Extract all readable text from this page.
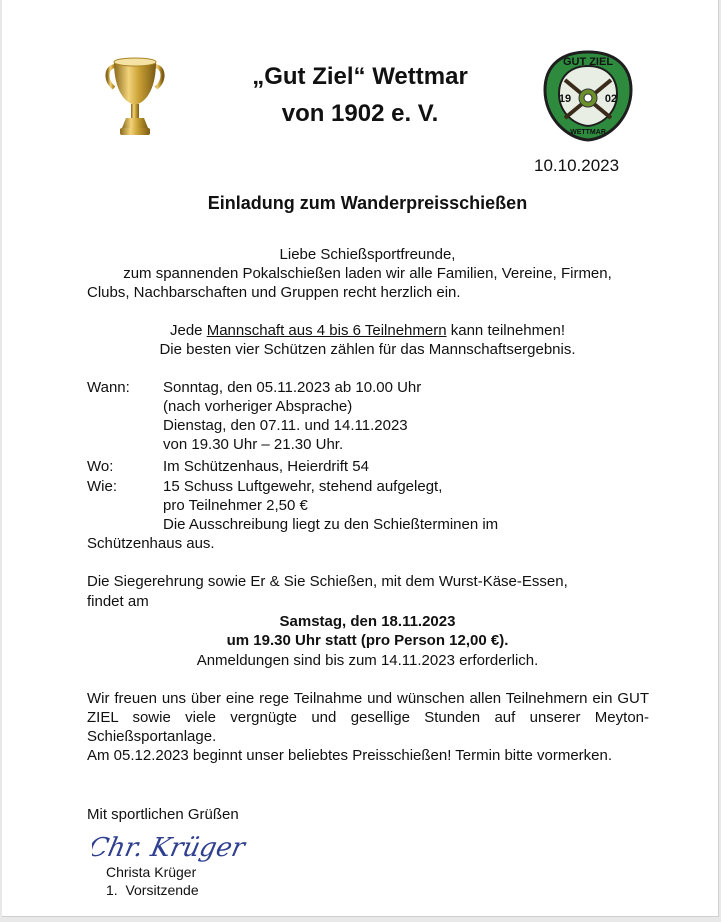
„Gut Ziel“ Wettmar
von 1902 e. V.
GUT ZIEL
19	02
WETTMAR
10.10.2023
Einladung zum Wanderpreisschießen
Liebe Schießsportfreunde,
zum spannenden Pokalschießen laden wir alle Familien, Vereine, Firmen,
Clubs, Nachbarschaften und Gruppen recht herzlich ein.
Jede Mannschaft aus 4 bis 6 Teilnehmern kann teilnehmen!
Die besten vier Schützen zählen für das Mannschaftsergebnis.
Wann: Sonntag, den 05.11.2023 ab 10.00 Uhr
(nach vorheriger Absprache)
Dienstag, den 07.11. und 14.11.2023
von 19.30 Uhr – 21.30 Uhr.
Wo:	Im Schützenhaus, Heierdrift 54
Wie:	15 Schuss Luftgewehr, stehend aufgelegt,
pro Teilnehmer 2,50 €
Die Ausschreibung liegt zu den Schießterminen im
Schützenhaus aus.
Die Siegerehrung sowie Er & Sie Schießen, mit dem Wurst-Käse-Essen,
findet am
Samstag, den 18.11.2023
um 19.30 Uhr statt (pro Person 12,00 €).
Anmeldungen sind bis zum 14.11.2023 erforderlich.
Wir freuen uns über eine rege Teilnahme und wünschen allen Teilnehmern ein GUT ZIEL sowie viele vergnügte und gesellige Stunden auf unserer Meyton-Schießsportanlage.
Am 05.12.2023 beginnt unser beliebtes Preisschießen! Termin bitte vormerken.
Mit sportlichen Grüßen
Chr. Krüger
Christa Krüger
1.  Vorsitzende
